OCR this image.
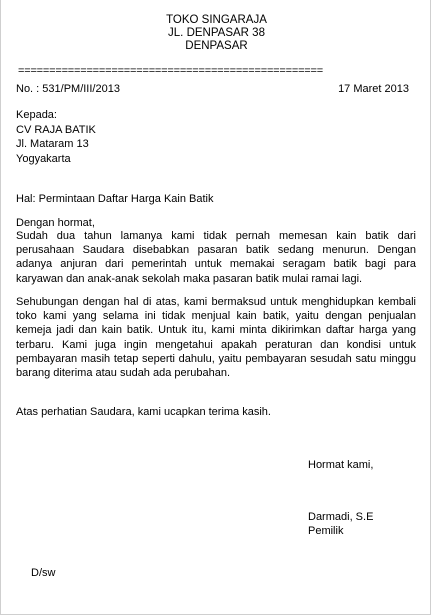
TOKO SINGARAJA
JL. DENPASAR 38
DENPASAR
=================================================
No. : 531/PM/III/2013	17 Maret 2013
Kepada:
CV RAJA BATIK
Jl. Mataram 13
Yogyakarta
Hal: Permintaan Daftar Harga Kain Batik
Dengan hormat,
Sudah dua tahun lamanya kami tidak pernah memesan kain batik dari perusahaan Saudara disebabkan pasaran batik sedang menurun. Dengan adanya anjuran dari pemerintah untuk memakai seragam batik bagi para karyawan dan anak-anak sekolah maka pasaran batik mulai ramai lagi.
Sehubungan dengan hal di atas, kami bermaksud untuk menghidupkan kembali toko kami yang selama ini tidak menjual kain batik, yaitu dengan penjualan kemeja jadi dan kain batik. Untuk itu, kami minta dikirimkan daftar harga yang terbaru. Kami juga ingin mengetahui apakah peraturan dan kondisi untuk pembayaran masih tetap seperti dahulu, yaitu pembayaran sesudah satu minggu barang diterima atau sudah ada perubahan.
Atas perhatian Saudara, kami ucapkan terima kasih.
Hormat kami,
Darmadi, S.E
Pemilik
D/sw
